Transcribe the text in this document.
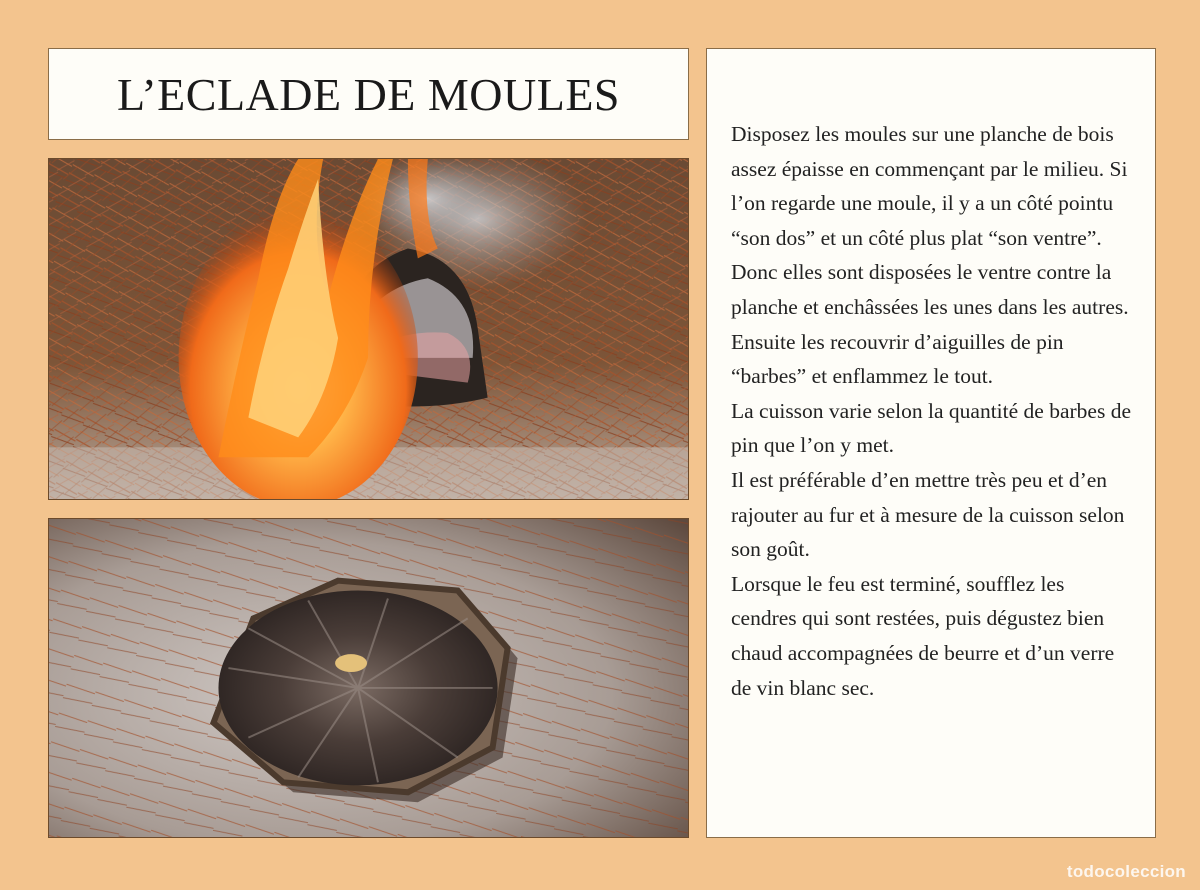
L’ECLADE DE MOULES

Disposez les moules sur une planche de bois assez épaisse en commençant par le milieu. Si l’on regarde une moule, il y a un côté pointu “son dos” et un côté plus plat “son ventre”.

Donc elles sont disposées le ventre contre la planche et enchâssées les unes dans les autres.

Ensuite les recouvrir d’aiguilles de pin “barbes” et enflammez le tout.

La cuisson varie selon la quantité de barbes de pin que l’on y met.

Il est préférable d’en mettre très peu et d’en rajouter au fur et à mesure de la cuisson selon son goût.

Lorsque le feu est terminé, soufflez les cendres qui sont restées, puis dégustez bien chaud accompagnées de beurre et d’un verre de vin blanc sec.

todocoleccion
